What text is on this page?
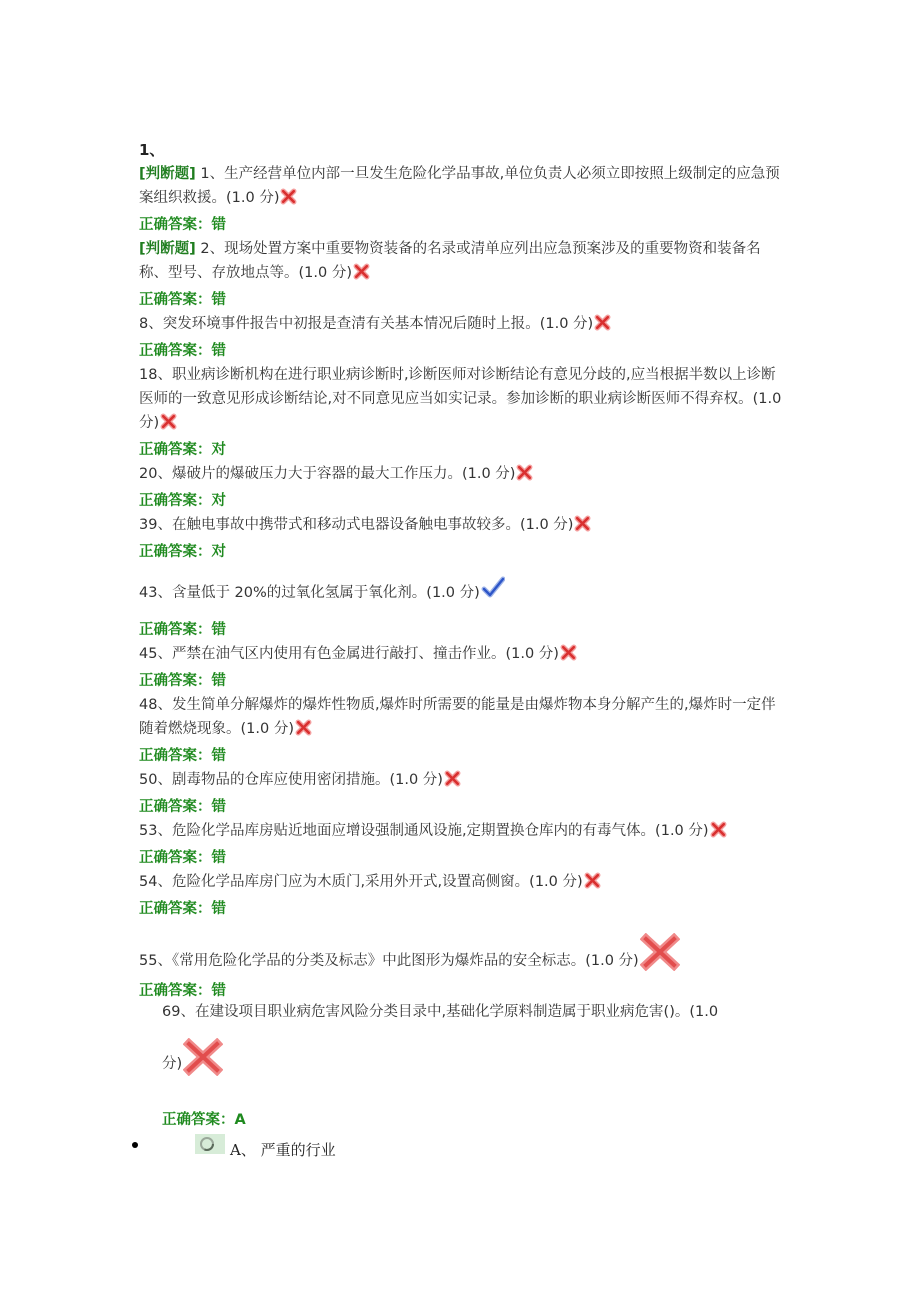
1、
[判断题] 1、生产经营单位内部一旦发生危险化学品事故,单位负责人必须立即按照上级制定的应急预案组织救援。(1.0 分)
正确答案：错
[判断题] 2、现场处置方案中重要物资装备的名录或清单应列出应急预案涉及的重要物资和装备名称、型号、存放地点等。(1.0 分)
正确答案：错
8、突发环境事件报告中初报是查清有关基本情况后随时上报。(1.0 分)
正确答案：错
18、职业病诊断机构在进行职业病诊断时,诊断医师对诊断结论有意见分歧的,应当根据半数以上诊断医师的一致意见形成诊断结论,对不同意见应当如实记录。参加诊断的职业病诊断医师不得弃权。(1.0 分)
正确答案：对
20、爆破片的爆破压力大于容器的最大工作压力。(1.0 分)
正确答案：对
39、在触电事故中携带式和移动式电器设备触电事故较多。(1.0 分)
正确答案：对
43、含量低于 20%的过氧化氢属于氧化剂。(1.0 分)
正确答案：错
45、严禁在油气区内使用有色金属进行敲打、撞击作业。(1.0 分)
正确答案：错
48、发生简单分解爆炸的爆炸性物质,爆炸时所需要的能量是由爆炸物本身分解产生的,爆炸时一定伴随着燃烧现象。(1.0 分)
正确答案：错
50、剧毒物品的仓库应使用密闭措施。(1.0 分)
正确答案：错
53、危险化学品库房贴近地面应增设强制通风设施,定期置换仓库内的有毒气体。(1.0 分)
正确答案：错
54、危险化学品库房门应为木质门,采用外开式,设置高侧窗。(1.0 分)
正确答案：错
55、《常用危险化学品的分类及标志》中此图形为爆炸品的安全标志。(1.0 分)
正确答案：错
69、在建设项目职业病危害风险分类目录中,基础化学原料制造属于职业病危害()。(1.0
分)
正确答案：A
A、 严重的行业
